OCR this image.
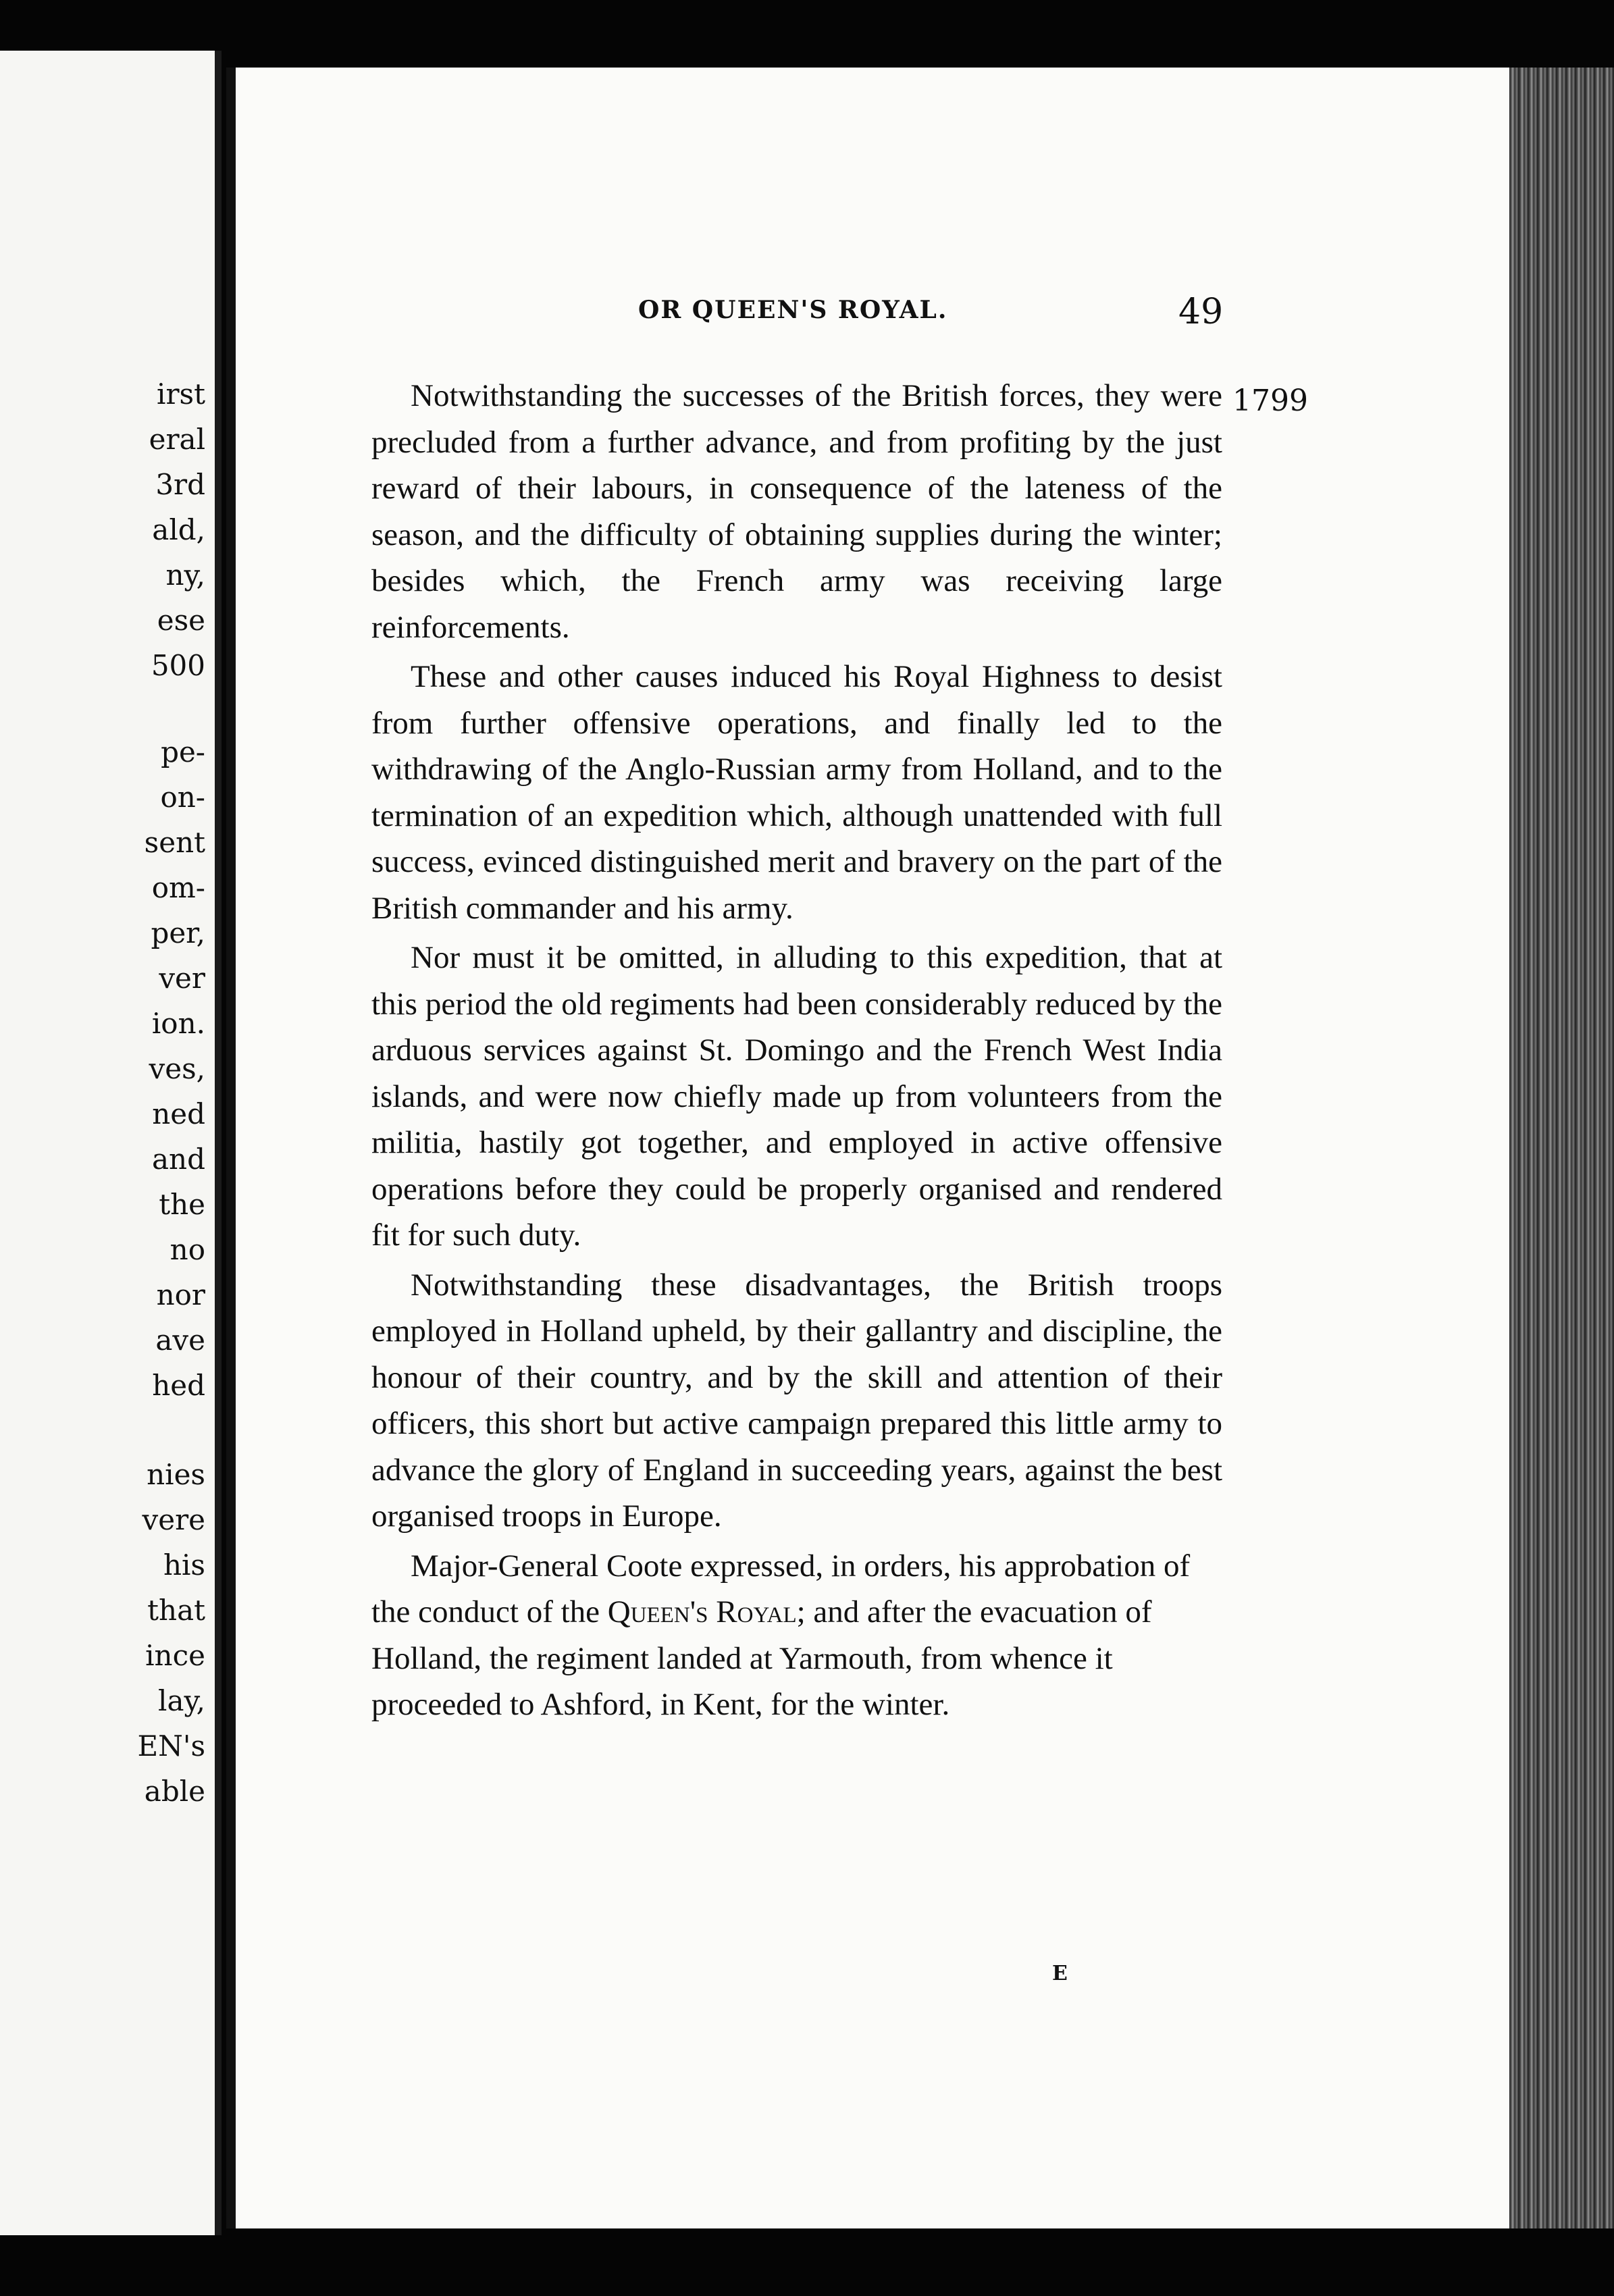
irst
eral
3rd
ald,
ny,
ese
500
pe-
on-
sent
om-
per,
ver
ion.
ves,
ned
and
the
no
nor
ave
hed
nies
vere
his
that
ince
lay,
EN's
able
OR QUEEN'S ROYAL.	49
1799

Notwithstanding the successes of the British forces, they were precluded from a further advance, and from profiting by the just reward of their labours, in consequence of the lateness of the season, and the difficulty of obtaining supplies during the winter; besides which, the French army was receiving large reinforcements.

These and other causes induced his Royal Highness to desist from further offensive operations, and finally led to the withdrawing of the Anglo-Russian army from Holland, and to the termination of an expedition which, although unattended with full success, evinced distinguished merit and bravery on the part of the British commander and his army.

Nor must it be omitted, in alluding to this expedition, that at this period the old regiments had been considerably reduced by the arduous services against St. Domingo and the French West India islands, and were now chiefly made up from volunteers from the militia, hastily got together, and employed in active offensive operations before they could be properly organised and rendered fit for such duty.

Notwithstanding these disadvantages, the British troops employed in Holland upheld, by their gallantry and discipline, the honour of their country, and by the skill and attention of their officers, this short but active campaign prepared this little army to advance the glory of England in succeeding years, against the best organised troops in Europe.

Major-General Coote expressed, in orders, his approbation of the conduct of the Queen's Royal; and after the evacuation of Holland, the regiment landed at Yarmouth, from whence it proceeded to Ashford, in Kent, for the winter.

E
